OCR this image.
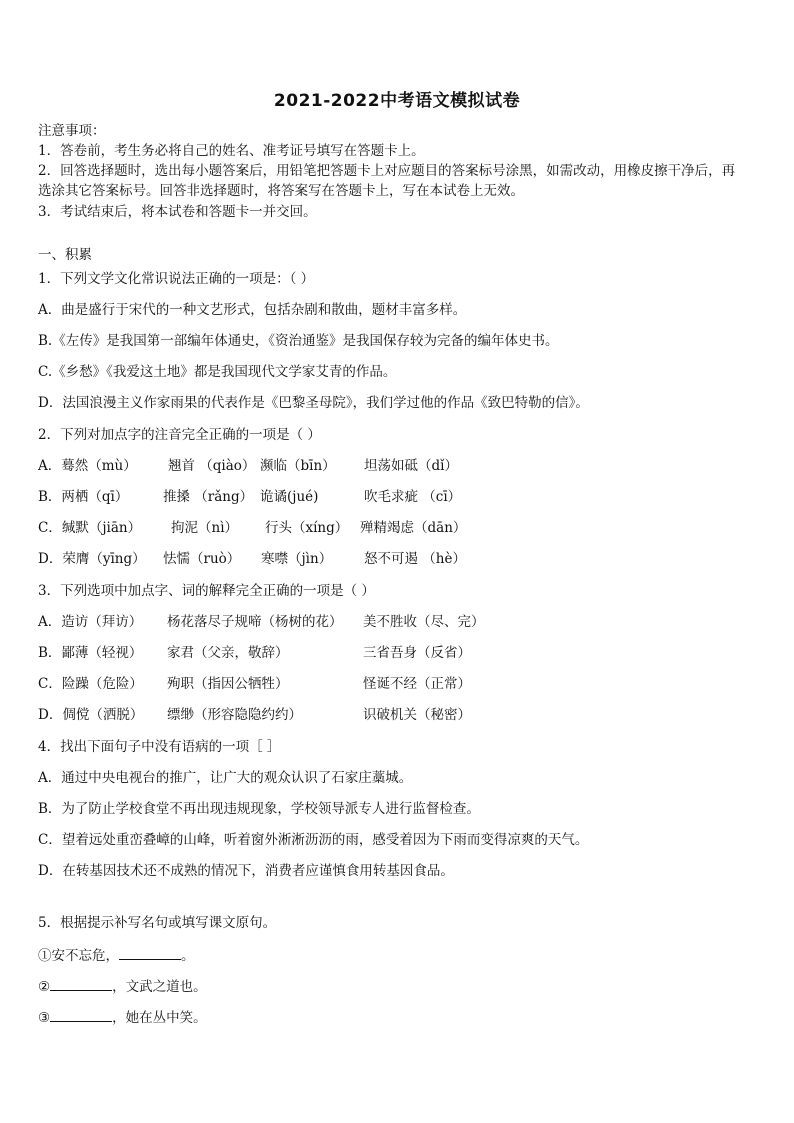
2021-2022中考语文模拟试卷
注意事项：
1．答卷前，考生务必将自己的姓名、准考证号填写在答题卡上。
2．回答选择题时，选出每小题答案后，用铅笔把答题卡上对应题目的答案标号涂黑，如需改动，用橡皮擦干净后，再
选涂其它答案标号。回答非选择题时，将答案写在答题卡上，写在本试卷上无效。
3．考试结束后，将本试卷和答题卡一并交回。
一、积累
1．下列文学文化常识说法正确的一项是：（ ）
A．曲是盛行于宋代的一种文艺形式，包括杂剧和散曲，题材丰富多样。
B.《左传》是我国第一部编年体通史，《资治通鉴》是我国保存较为完备的编年体史书。
C.《乡愁》《我爱这土地》都是我国现代文学家艾青的作品。
D．法国浪漫主义作家雨果的代表作是《巴黎圣母院》，我们学过他的作品《致巴特勒的信》。
2．下列对加点字的注音完全正确的一项是（ ）
A．蓦然（mù） 翘首 （qiào） 濒临（bīn） 坦荡如砥（dǐ）
B．两栖（qī）	推搡 （rǎng） 诡谲(jué)	吹毛求疵 （cī）
C．缄默（jiān） 拘泥（nì） 行头（xíng） 殚精竭虑（dān）
D．荣膺（yīng） 怯懦（ruò） 寒噤（jìn） 怒不可遏 （hè）
3．下列选项中加点字、词的解释完全正确的一项是（ ）
A．造访（拜访） 杨花落尽子规啼（杨树的花） 美不胜收（尽、完）
B．鄙薄（轻视） 家君（父亲，敬辞）	三省吾身（反省）
C．险躁（危险） 殉职（指因公牺牲）	怪诞不经（正常）
D．倜傥（洒脱） 缥缈（形容隐隐约约）	识破机关（秘密）
4．找出下面句子中没有语病的一项［ ］
A．通过中央电视台的推广，让广大的观众认识了石家庄藁城。
B．为了防止学校食堂不再出现违规现象，学校领导派专人进行监督检查。
C．望着远处重峦叠嶂的山峰，听着窗外淅淅沥沥的雨，感受着因为下雨而变得凉爽的天气。
D．在转基因技术还不成熟的情况下，消费者应谨慎食用转基因食品。
5．根据提示补写名句或填写课文原句。
①安不忘危，	。
②	，文武之道也。
③	，她在丛中笑。
